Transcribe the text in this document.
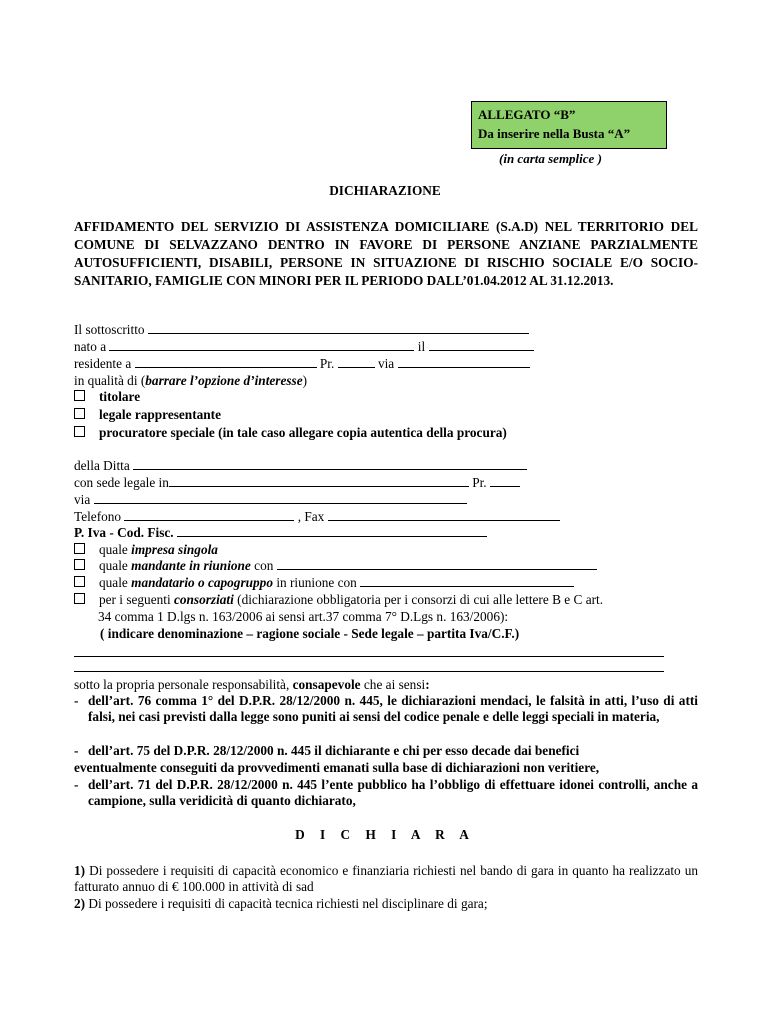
ALLEGATO “B”
Da inserire nella Busta “A”
(in carta semplice )
DICHIARAZIONE
AFFIDAMENTO DEL SERVIZIO DI ASSISTENZA DOMICILIARE (S.A.D) NEL TERRITORIO DEL COMUNE DI SELVAZZANO DENTRO IN FAVORE DI PERSONE ANZIANE PARZIALMENTE AUTOSUFFICIENTI, DISABILI, PERSONE IN SITUAZIONE DI RISCHIO SOCIALE E/O SOCIO-SANITARIO, FAMIGLIE CON MINORI PER IL PERIODO DALL’01.04.2012 AL 31.12.2013.
Il sottoscritto
nato a	il
residente a	Pr.	via
in qualità di (barrare l’opzione d’interesse)
titolare
legale rappresentante
procuratore speciale (in tale caso allegare copia autentica della procura)
della Ditta
con sede legale in	Pr.
via
Telefono	, Fax
P. Iva - Cod. Fisc.
quale impresa singola
quale mandante in riunione con
quale mandatario o capogruppo in riunione con
per i seguenti consorziati (dichiarazione obbligatoria per i consorzi di cui alle lettere B e C art.
34 comma 1 D.lgs n. 163/2006 ai sensi art.37 comma 7° D.Lgs n. 163/2006):
( indicare denominazione – ragione sociale - Sede legale – partita Iva/C.F.)
sotto la propria personale responsabilità, consapevole che ai sensi:
- dell’art. 76 comma 1° del D.P.R. 28/12/2000 n. 445, le dichiarazioni mendaci, le falsità in atti, l’uso di atti falsi, nei casi previsti dalla legge sono puniti ai sensi del codice penale e delle leggi speciali in materia,
- dell’art. 75 del D.P.R. 28/12/2000 n. 445 il dichiarante e chi per esso decade dai benefici
eventualmente conseguiti da provvedimenti emanati sulla base di dichiarazioni non veritiere,
- dell’art. 71 del D.P.R. 28/12/2000 n. 445 l’ente pubblico ha l’obbligo di effettuare idonei controlli, anche a campione, sulla veridicità di quanto dichiarato,
D I C H I A R A
1) Di possedere i requisiti di capacità economico e finanziaria richiesti nel bando di gara in quanto ha realizzato un fatturato annuo di € 100.000 in attività di sad
2) Di possedere i requisiti di capacità tecnica richiesti nel disciplinare di gara;
